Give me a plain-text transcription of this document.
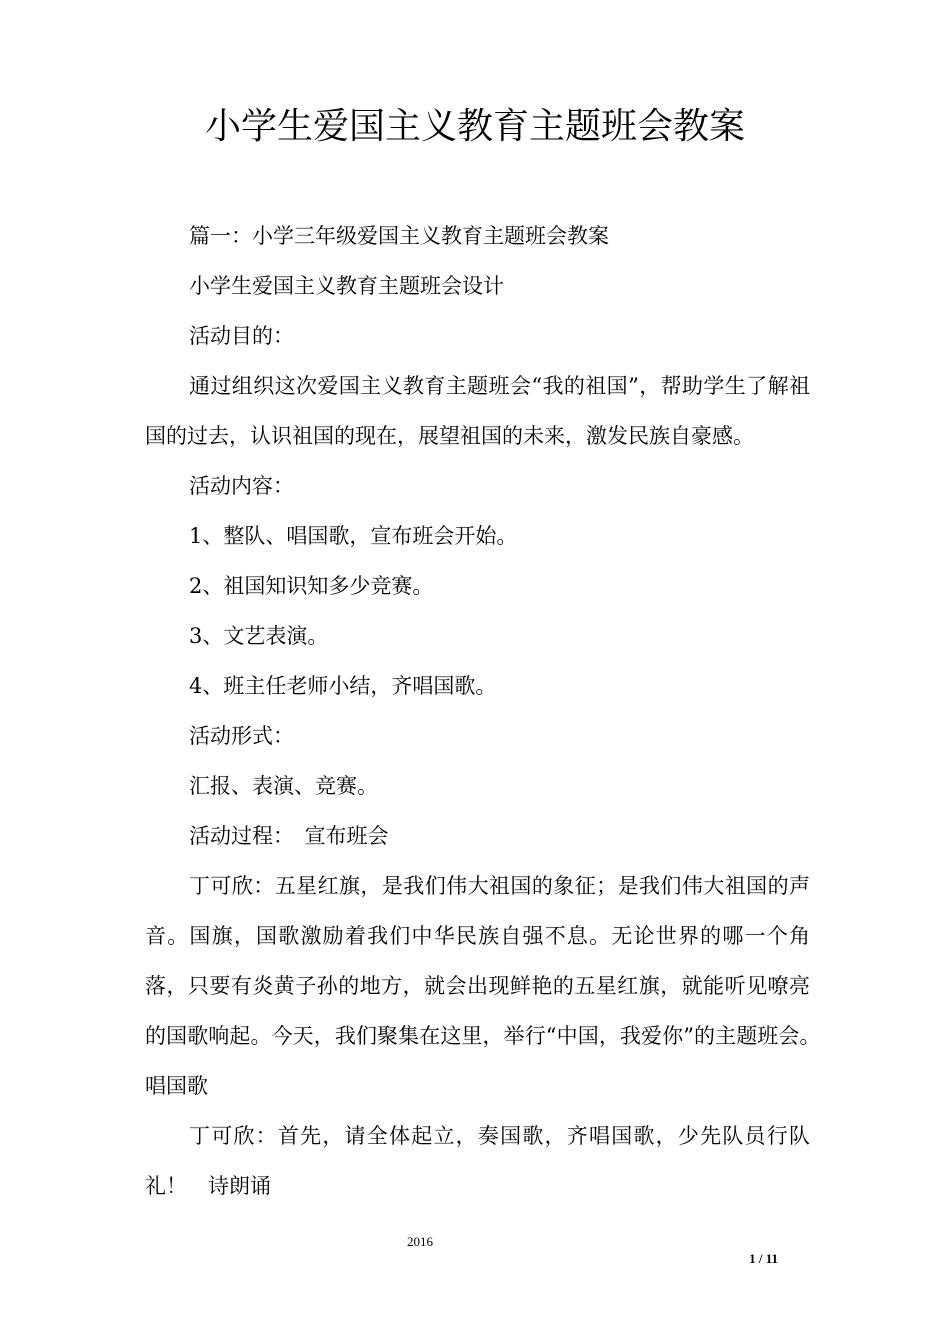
小学生爱国主义教育主题班会教案

篇一：小学三年级爱国主义教育主题班会教案

小学生爱国主义教育主题班会设计

活动目的：

通过组织这次爱国主义教育主题班会“我的祖国”，帮助学生了解祖国的过去，认识祖国的现在，展望祖国的未来，激发民族自豪感。

活动内容：

1、整队、唱国歌，宣布班会开始。

2、祖国知识知多少竞赛。

3、文艺表演。

4、班主任老师小结，齐唱国歌。

活动形式：

汇报、表演、竞赛。

活动过程：　宣布班会

丁可欣：五星红旗，是我们伟大祖国的象征；是我们伟大祖国的声音。国旗，国歌激励着我们中华民族自强不息。无论世界的哪一个角落，只要有炎黄子孙的地方，就会出现鲜艳的五星红旗，就能听见嘹亮的国歌响起。今天，我们聚集在这里，举行“中国，我爱你”的主题班会。　唱国歌

丁可欣：首先，请全体起立，奏国歌，齐唱国歌，少先队员行队礼！　诗朗诵

2016
1 / 11
